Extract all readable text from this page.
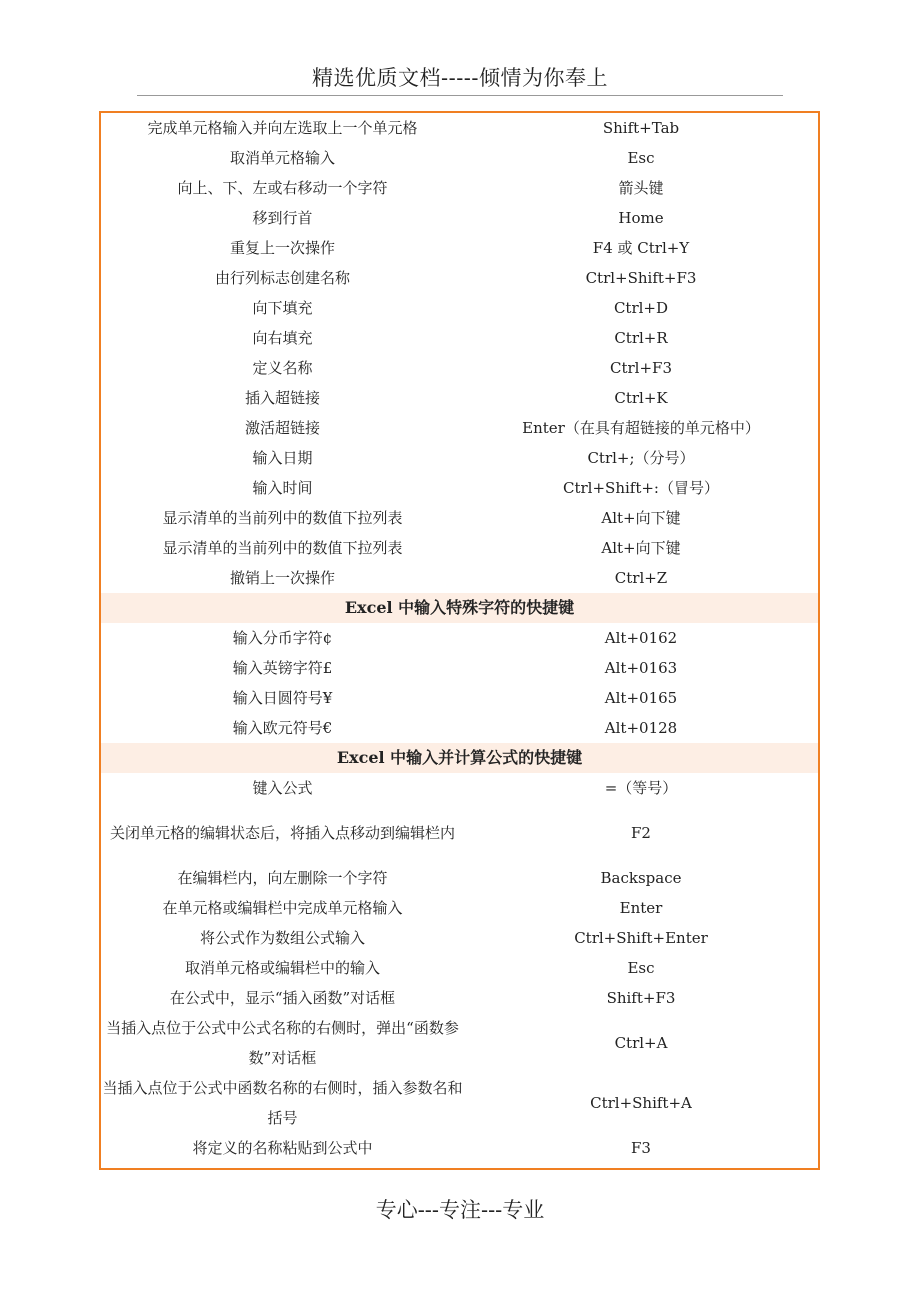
精选优质文档-----倾情为你奉上
完成单元格输入并向左选取上一个单元格	Shift+Tab
取消单元格输入	Esc
向上、下、左或右移动一个字符	箭头键
移到行首	Home
重复上一次操作	F4 或 Ctrl+Y
由行列标志创建名称	Ctrl+Shift+F3
向下填充	Ctrl+D
向右填充	Ctrl+R
定义名称	Ctrl+F3
插入超链接	Ctrl+K
激活超链接	Enter（在具有超链接的单元格中）
输入日期	Ctrl+;（分号）
输入时间	Ctrl+Shift+:（冒号）
显示清单的当前列中的数值下拉列表	Alt+向下键
显示清单的当前列中的数值下拉列表	Alt+向下键
撤销上一次操作	Ctrl+Z
Excel 中输入特殊字符的快捷键	
输入分币字符¢	Alt+0162
输入英镑字符£	Alt+0163
输入日圆符号¥	Alt+0165
输入欧元符号€	Alt+0128
Excel 中输入并计算公式的快捷键	
键入公式	=（等号）
关闭单元格的编辑状态后，将插入点移动到编辑栏内	F2
在编辑栏内，向左删除一个字符	Backspace
在单元格或编辑栏中完成单元格输入	Enter
将公式作为数组公式输入	Ctrl+Shift+Enter
取消单元格或编辑栏中的输入	Esc
在公式中，显示“插入函数”对话框	Shift+F3
当插入点位于公式中公式名称的右侧时，弹出“函数参数”对话框	Ctrl+A
当插入点位于公式中函数名称的右侧时，插入参数名和括号	Ctrl+Shift+A
将定义的名称粘贴到公式中	F3
专心---专注---专业
